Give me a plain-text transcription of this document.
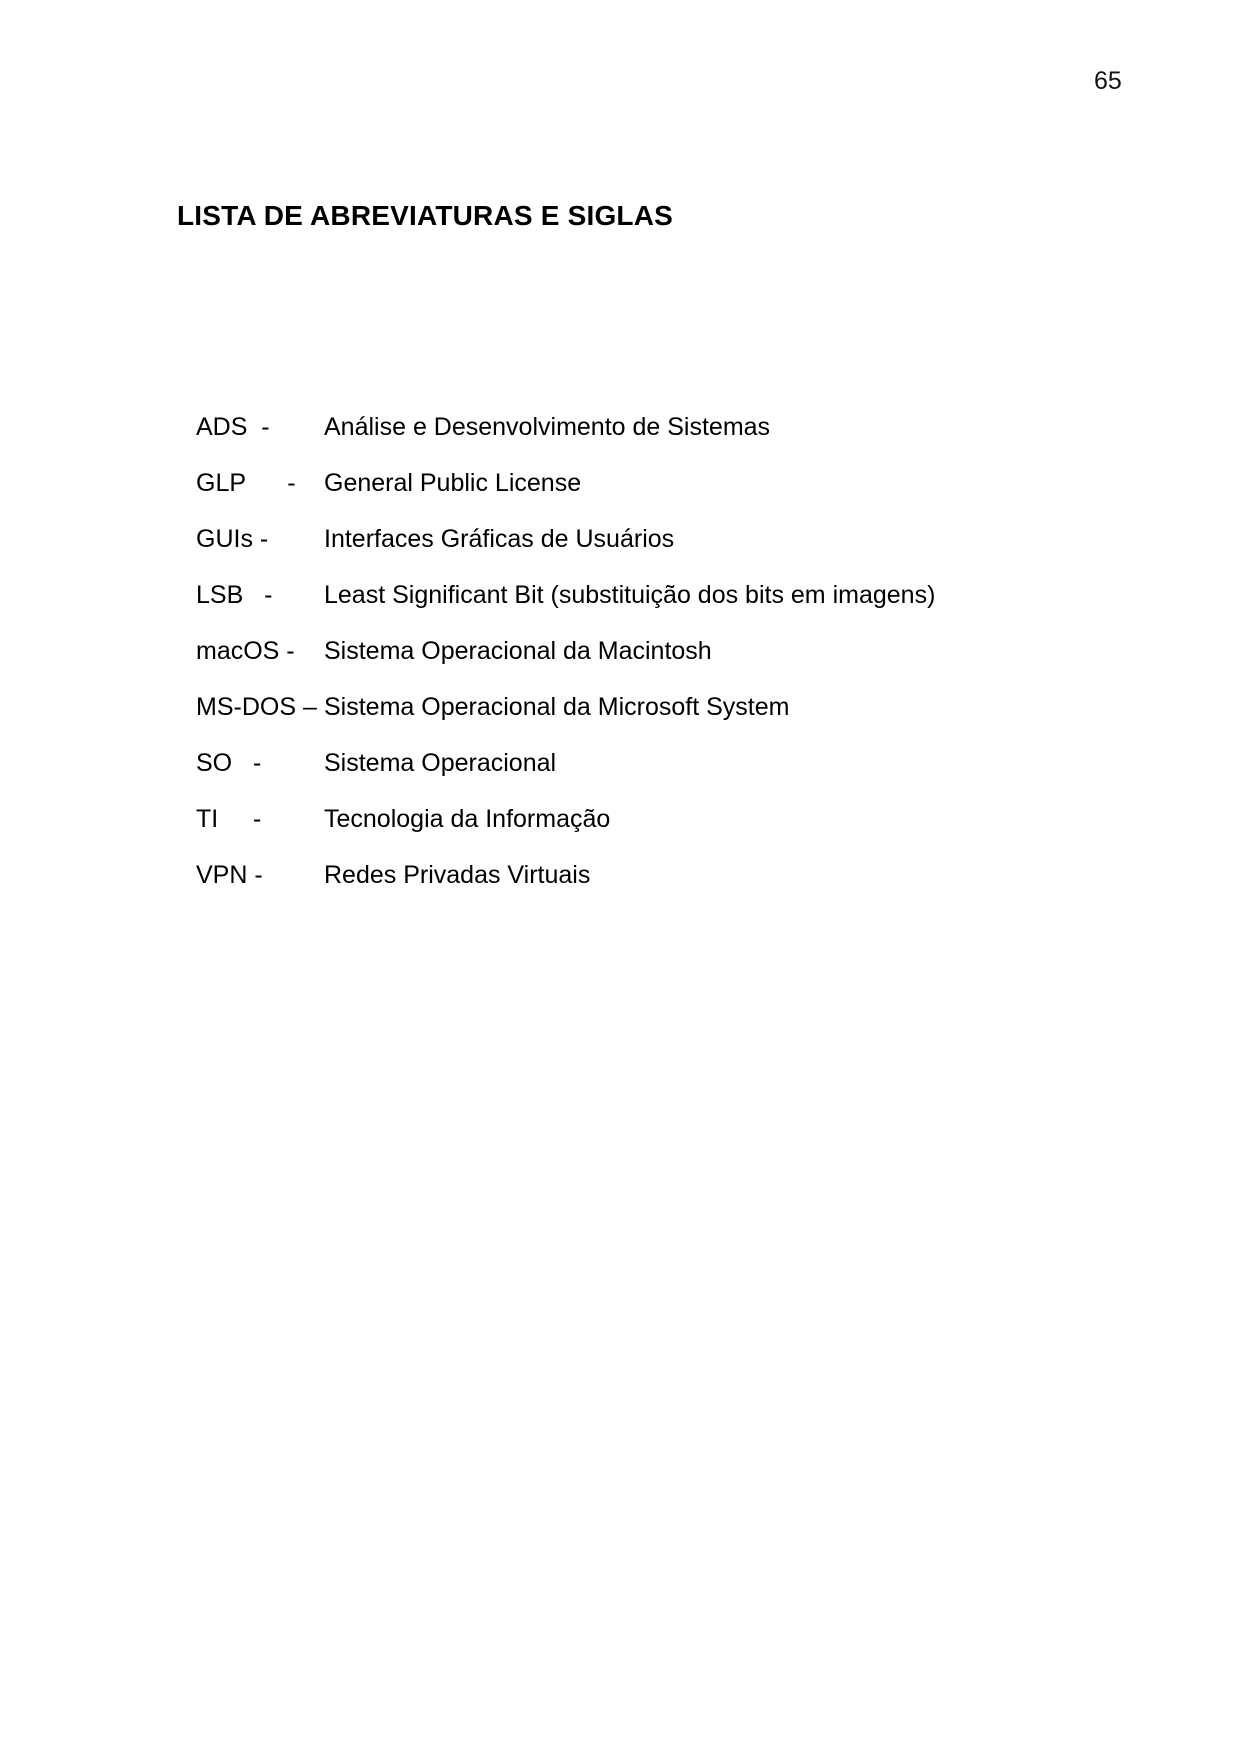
65
LISTA DE ABREVIATURAS E SIGLAS
ADS  -	Análise e Desenvolvimento de Sistemas
GLP      -	General Public License
GUIs -	Interfaces Gráficas de Usuários
LSB   -	Least Significant Bit (substituição dos bits em imagens)
macOS -	Sistema Operacional da Macintosh
MS-DOS – Sistema Operacional da Microsoft System
SO   -	Sistema Operacional
TI     -	Tecnologia da Informação
VPN -	Redes Privadas Virtuais
